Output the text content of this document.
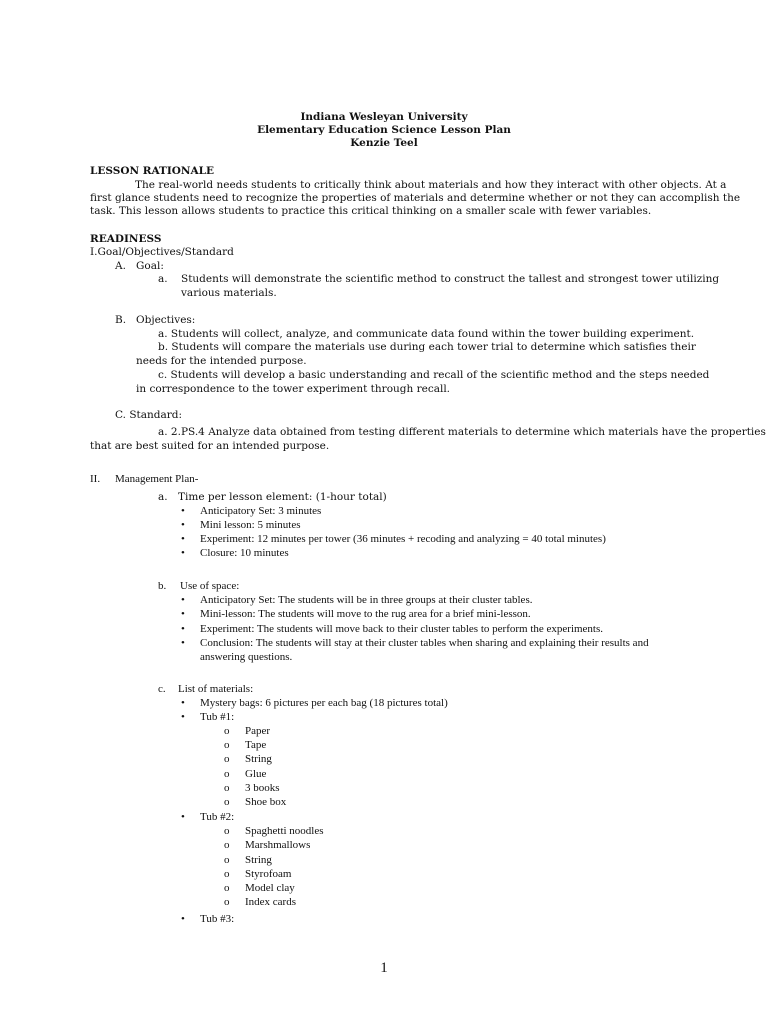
Indiana Wesleyan University
Elementary Education Science Lesson Plan
Kenzie Teel
LESSON RATIONALE
The real-world needs students to critically think about materials and how they interact with other objects. At a
first glance students need to recognize the properties of materials and determine whether or not they can accomplish the
task. This lesson allows students to practice this critical thinking on a smaller scale with fewer variables.
READINESS
I.Goal/Objectives/Standard
A. Goal:
a. Students will demonstrate the scientific method to construct the tallest and strongest tower utilizing
various materials.
B. Objectives:
a. Students will collect, analyze, and communicate data found within the tower building experiment.
b. Students will compare the materials use during each tower trial to determine which satisfies their
needs for the intended purpose.
c. Students will develop a basic understanding and recall of the scientific method and the steps needed
in correspondence to the tower experiment through recall.
C. Standard:
a. 2.PS.4 Analyze data obtained from testing different materials to determine which materials have the properties
that are best suited for an intended purpose.
II. Management Plan-
a. Time per lesson element: (1-hour total)
• Anticipatory Set: 3 minutes
• Mini lesson: 5 minutes
• Experiment: 12 minutes per tower (36 minutes + recoding and analyzing = 40 total minutes)
• Closure: 10 minutes
b. Use of space:
• Anticipatory Set: The students will be in three groups at their cluster tables.
• Mini-lesson: The students will move to the rug area for a brief mini-lesson.
• Experiment: The students will move back to their cluster tables to perform the experiments.
• Conclusion: The students will stay at their cluster tables when sharing and explaining their results and
answering questions.
c. List of materials:
• Mystery bags: 6 pictures per each bag (18 pictures total)
• Tub #1:
o Paper
o Tape
o String
o Glue
o 3 books
o Shoe box
• Tub #2:
o Spaghetti noodles
o Marshmallows
o String
o Styrofoam
o Model clay
o Index cards
• Tub #3:
1
